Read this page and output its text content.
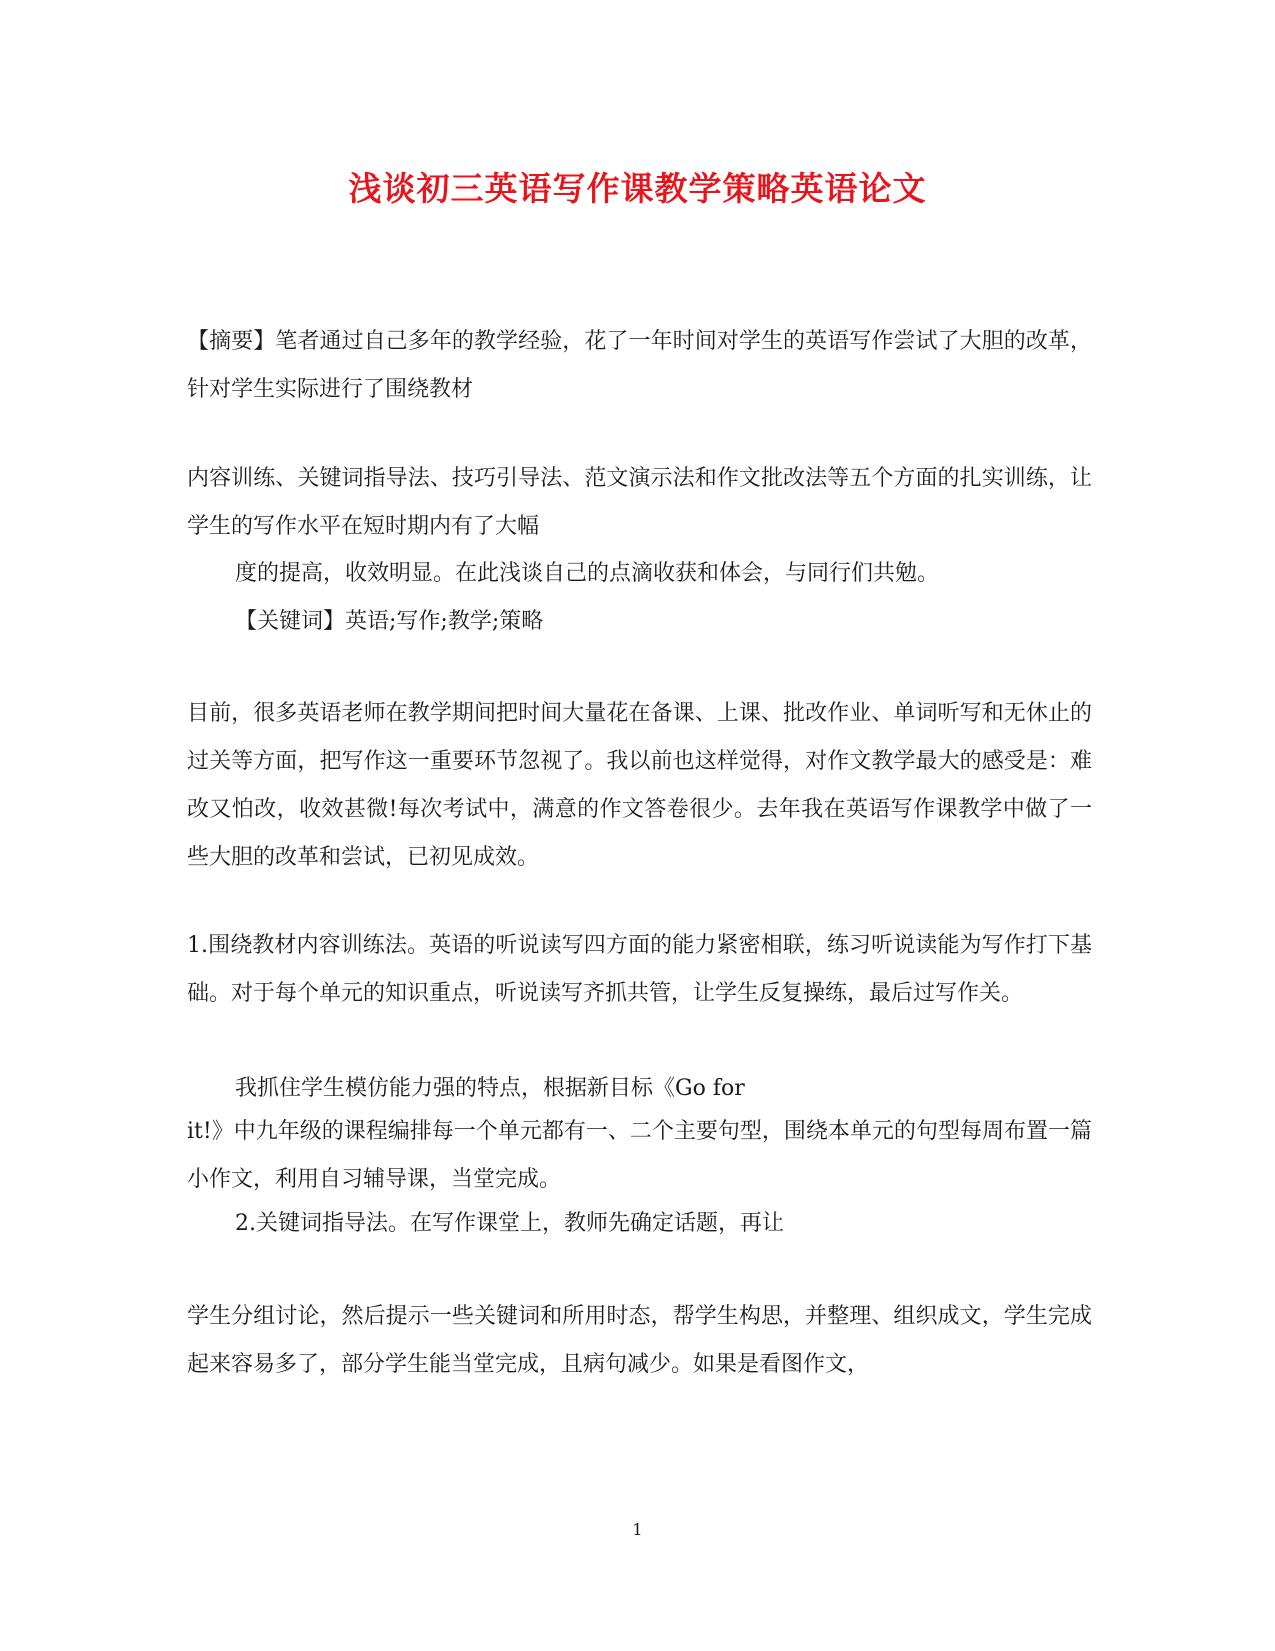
浅谈初三英语写作课教学策略英语论文

【摘要】笔者通过自己多年的教学经验，花了一年时间对学生的英语写作尝试了大胆的改革，针对学生实际进行了围绕教材

内容训练、关键词指导法、技巧引导法、范文演示法和作文批改法等五个方面的扎实训练，让学生的写作水平在短时期内有了大幅

度的提高，收效明显。在此浅谈自己的点滴收获和体会，与同行们共勉。

【关键词】英语;写作;教学;策略

目前，很多英语老师在教学期间把时间大量花在备课、上课、批改作业、单词听写和无休止的过关等方面，把写作这一重要环节忽视了。我以前也这样觉得，对作文教学最大的感受是：难改又怕改，收效甚微!每次考试中，满意的作文答卷很少。去年我在英语写作课教学中做了一些大胆的改革和尝试，已初见成效。

1.围绕教材内容训练法。英语的听说读写四方面的能力紧密相联，练习听说读能为写作打下基础。对于每个单元的知识重点，听说读写齐抓共管，让学生反复操练，最后过写作关。

我抓住学生模仿能力强的特点，根据新目标《Go for

it!》中九年级的课程编排每一个单元都有一、二个主要句型，围绕本单元的句型每周布置一篇小作文，利用自习辅导课，当堂完成。

2.关键词指导法。在写作课堂上，教师先确定话题，再让

学生分组讨论，然后提示一些关键词和所用时态，帮学生构思，并整理、组织成文，学生完成起来容易多了，部分学生能当堂完成，且病句减少。如果是看图作文，

1
